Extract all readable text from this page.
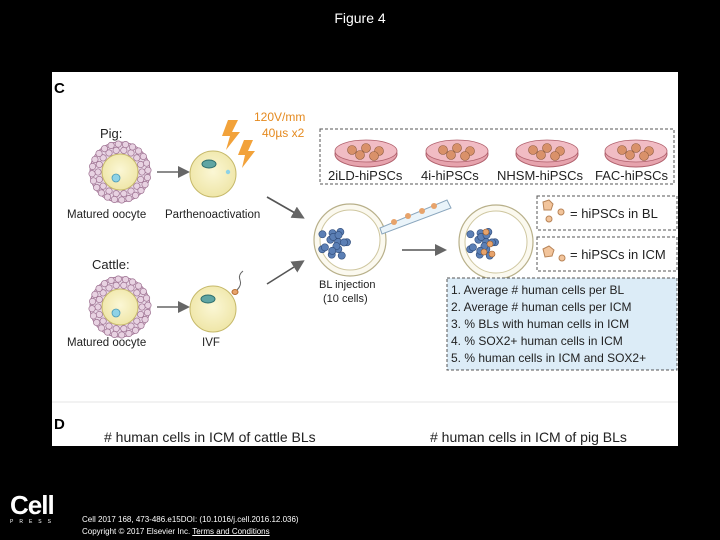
Figure 4
C
Pig:
Cattle:
Matured oocyte
Matured oocyte
Parthenoactivation
IVF
120V/mm
40µs x2
2iLD-hiPSCs 4i-hiPSCs NHSM-hiPSCs FAC-hiPSCs
BL injection
(10 cells)
= hiPSCs in BL
= hiPSCs in ICM
1. Average # human cells per BL
2. Average # human cells per ICM
3. % BLs with human cells in ICM
4. % SOX2+ human cells in ICM
5. % human cells in ICM and SOX2+
D
# human cells in ICM of cattle BLs	# human cells in ICM of pig BLs
Cell
PRESS	Cell 2017 168, 473-486.e15DOI: (10.1016/j.cell.2016.12.036)
Copyright © 2017 Elsevier Inc. Terms and Conditions
